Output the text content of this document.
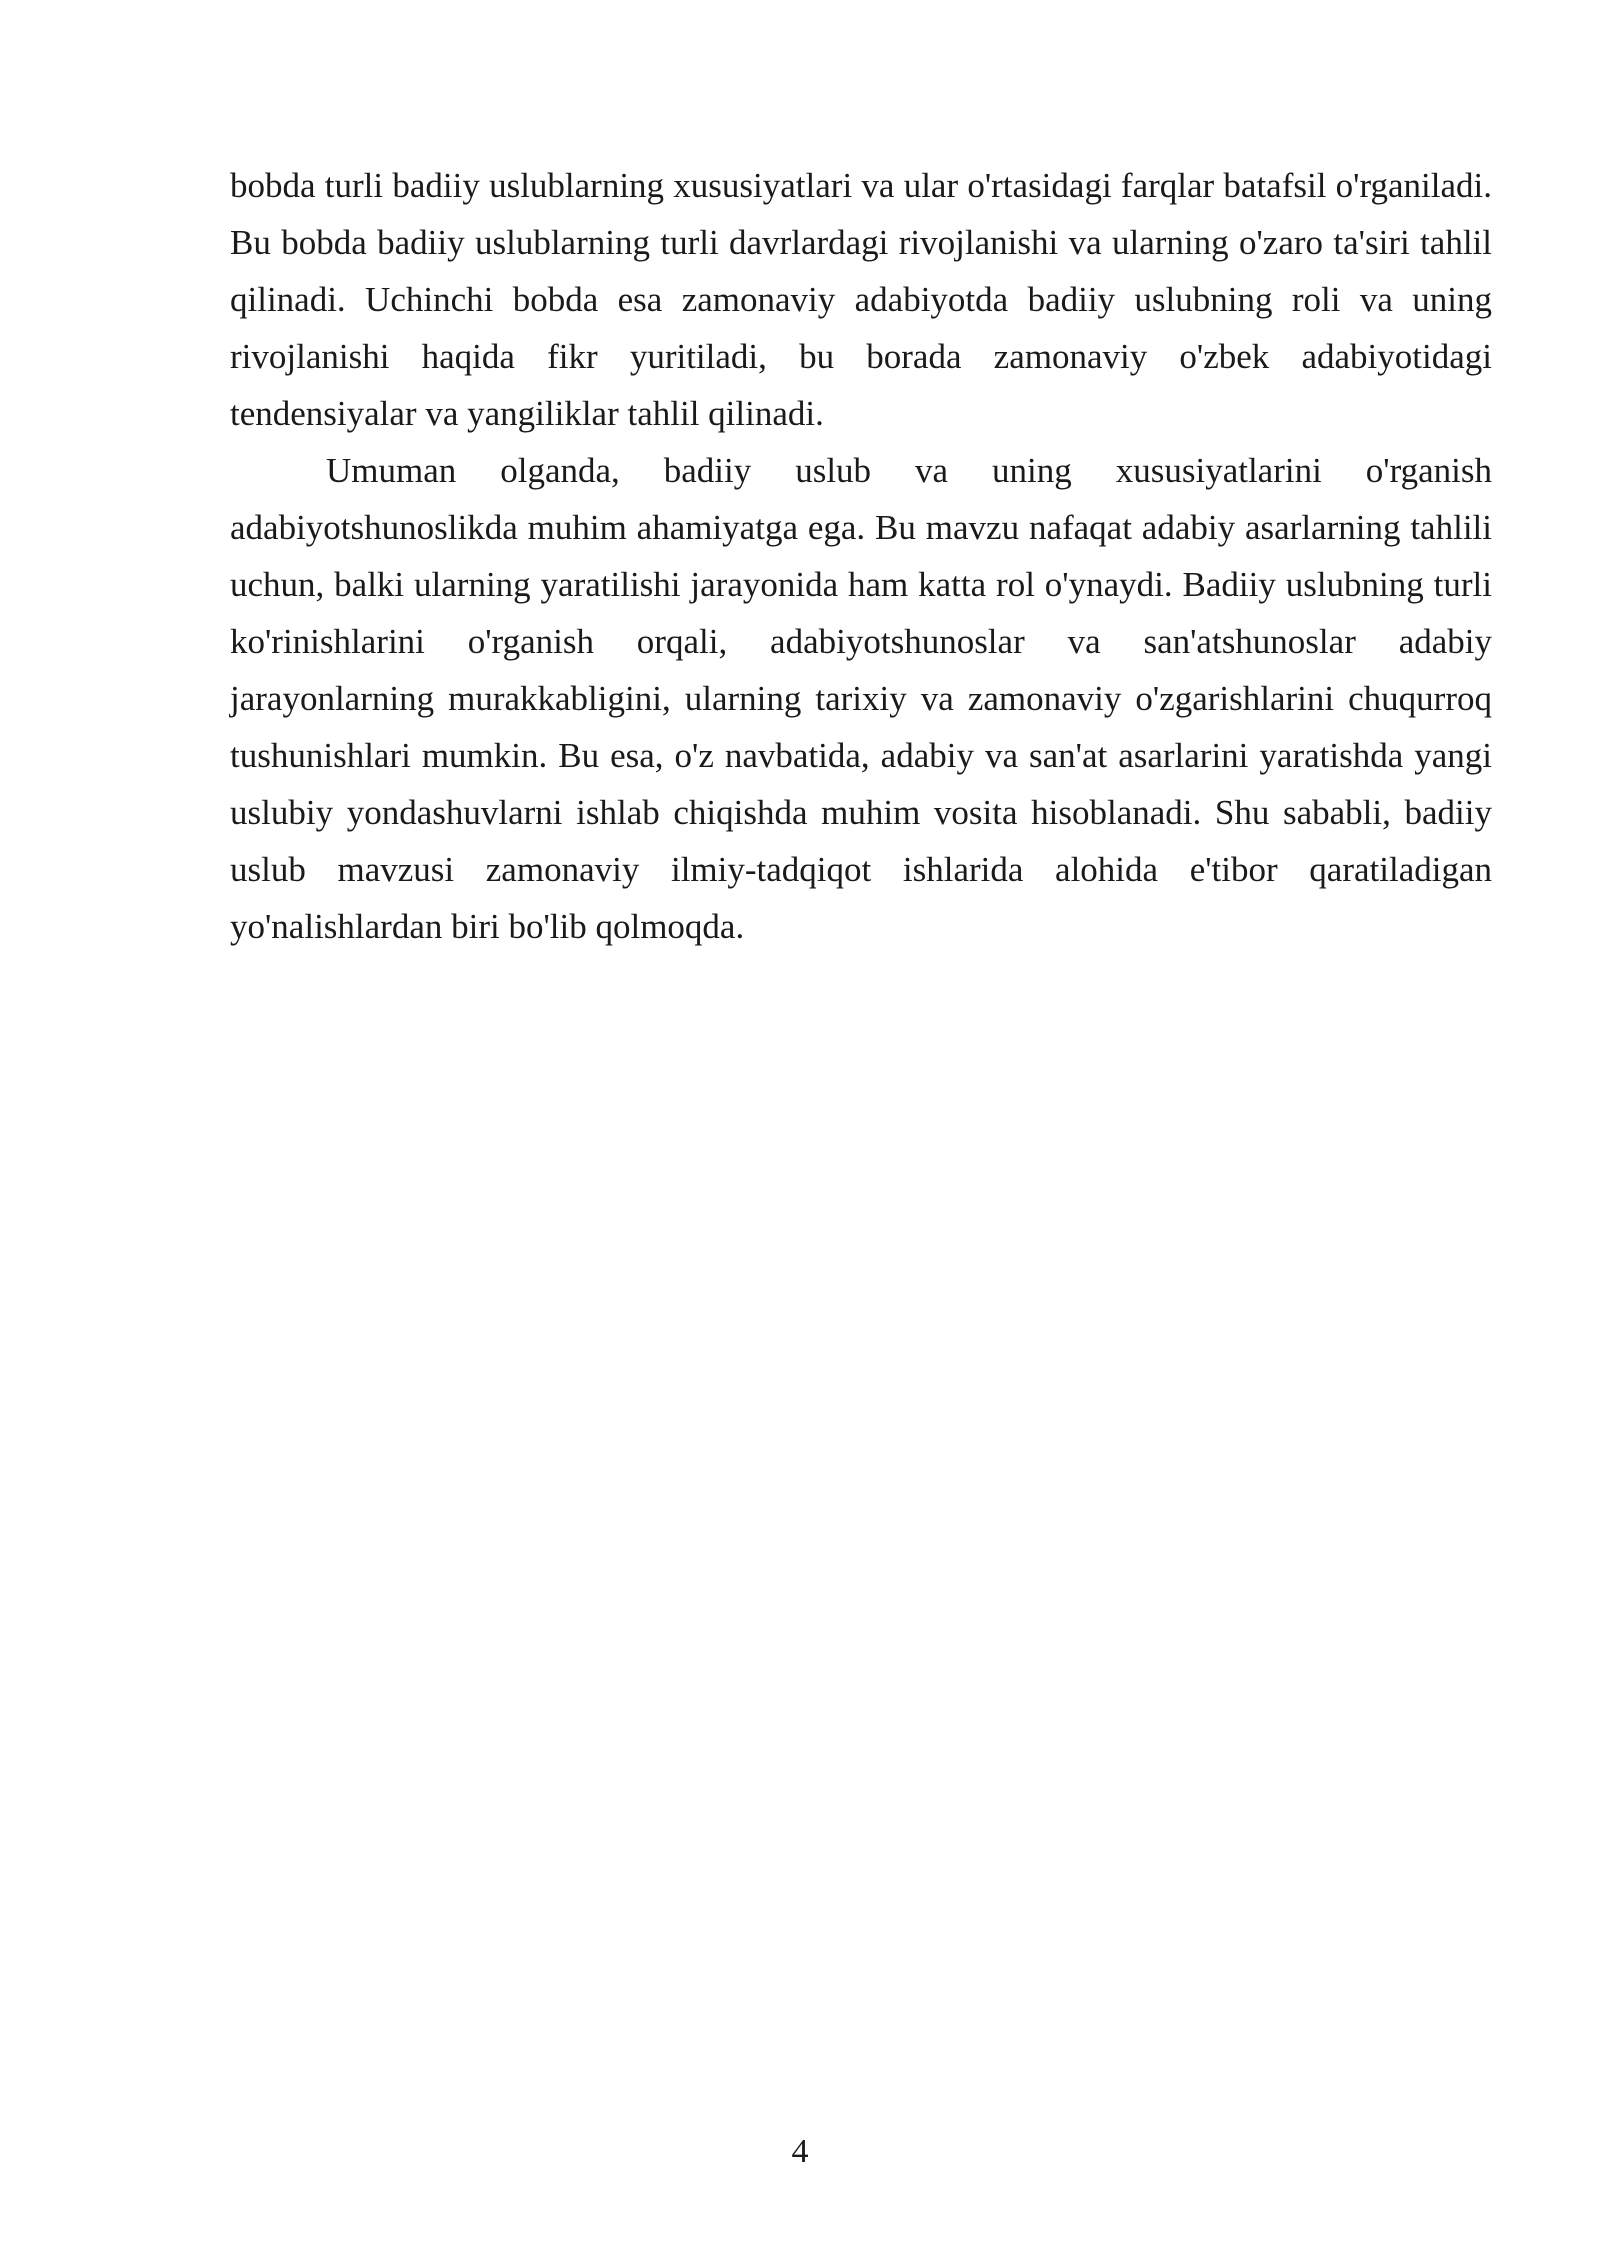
bobda turli badiiy uslublarning xususiyatlari va ular o'rtasidagi farqlar batafsil o'rganiladi. Bu bobda badiiy uslublarning turli davrlardagi rivojlanishi va ularning o'zaro ta'siri tahlil qilinadi. Uchinchi bobda esa zamonaviy adabiyotda badiiy uslubning roli va uning rivojlanishi haqida fikr yuritiladi, bu borada zamonaviy o'zbek adabiyotidagi tendensiyalar va yangiliklar tahlil qilinadi.

Umuman olganda, badiiy uslub va uning xususiyatlarini o'rganish adabiyotshunoslikda muhim ahamiyatga ega. Bu mavzu nafaqat adabiy asarlarning tahlili uchun, balki ularning yaratilishi jarayonida ham katta rol o'ynaydi. Badiiy uslubning turli ko'rinishlarini o'rganish orqali, adabiyotshunoslar va san'atshunoslar adabiy jarayonlarning murakkabligini, ularning tarixiy va zamonaviy o'zgarishlarini chuqurroq tushunishlari mumkin. Bu esa, o'z navbatida, adabiy va san'at asarlarini yaratishda yangi uslubiy yondashuvlarni ishlab chiqishda muhim vosita hisoblanadi. Shu sababli, badiiy uslub mavzusi zamonaviy ilmiy-tadqiqot ishlarida alohida e'tibor qaratiladigan yo'nalishlardan biri bo'lib qolmoqda.

4
